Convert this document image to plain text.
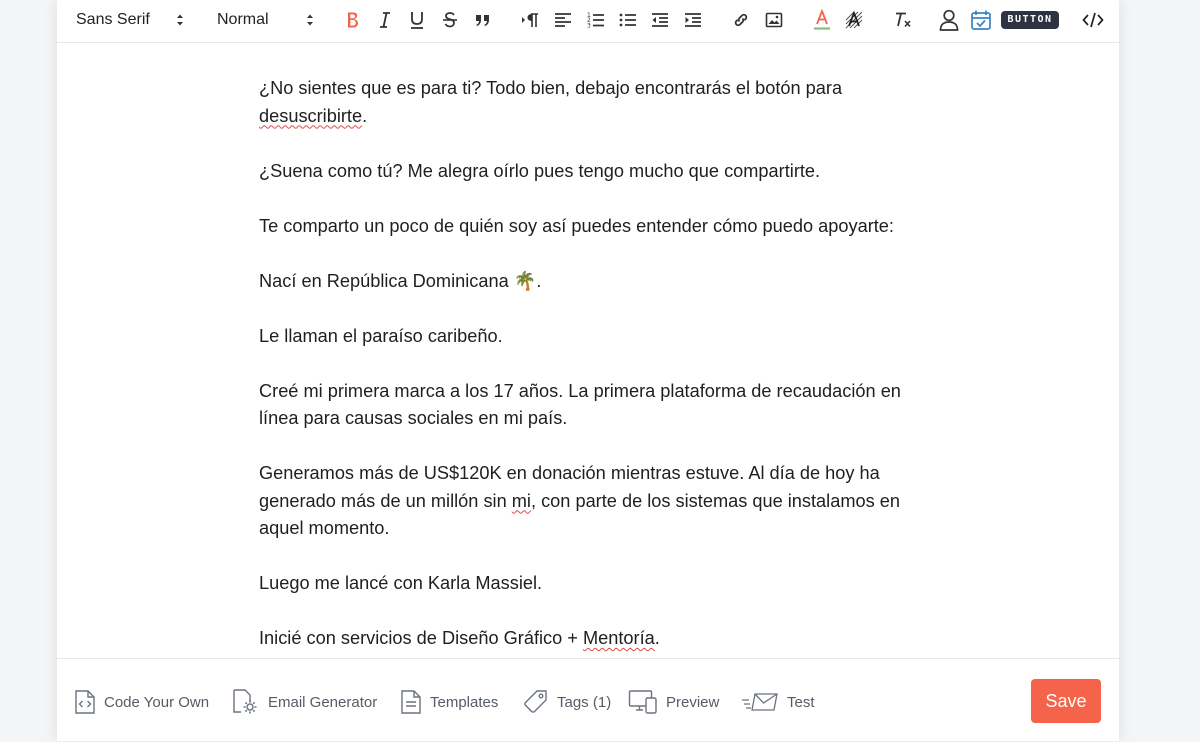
Sans Serif	Normal	1
2
3
BUTTON

¿No sientes que es para ti? Todo bien, debajo encontrarás el botón para desuscribirte.

¿Suena como tú? Me alegra oírlo pues tengo mucho que compartirte.

Te comparto un poco de quién soy así puedes entender cómo puedo apoyarte:

Nací en República Dominicana 🌴.

Le llaman el paraíso caribeño.

Creé mi primera marca a los 17 años. La primera plataforma de recaudación en línea para causas sociales en mi país.

Generamos más de US$120K en donación mientras estuve. Al día de hoy ha generado más de un millón sin mi, con parte de los sistemas que instalamos en aquel momento.

Luego me lancé con Karla Massiel.

Inicié con servicios de Diseño Gráfico + Mentoría.

Code Your Own	Email Generator	Templates	Tags (1)	Preview	Test	Save
